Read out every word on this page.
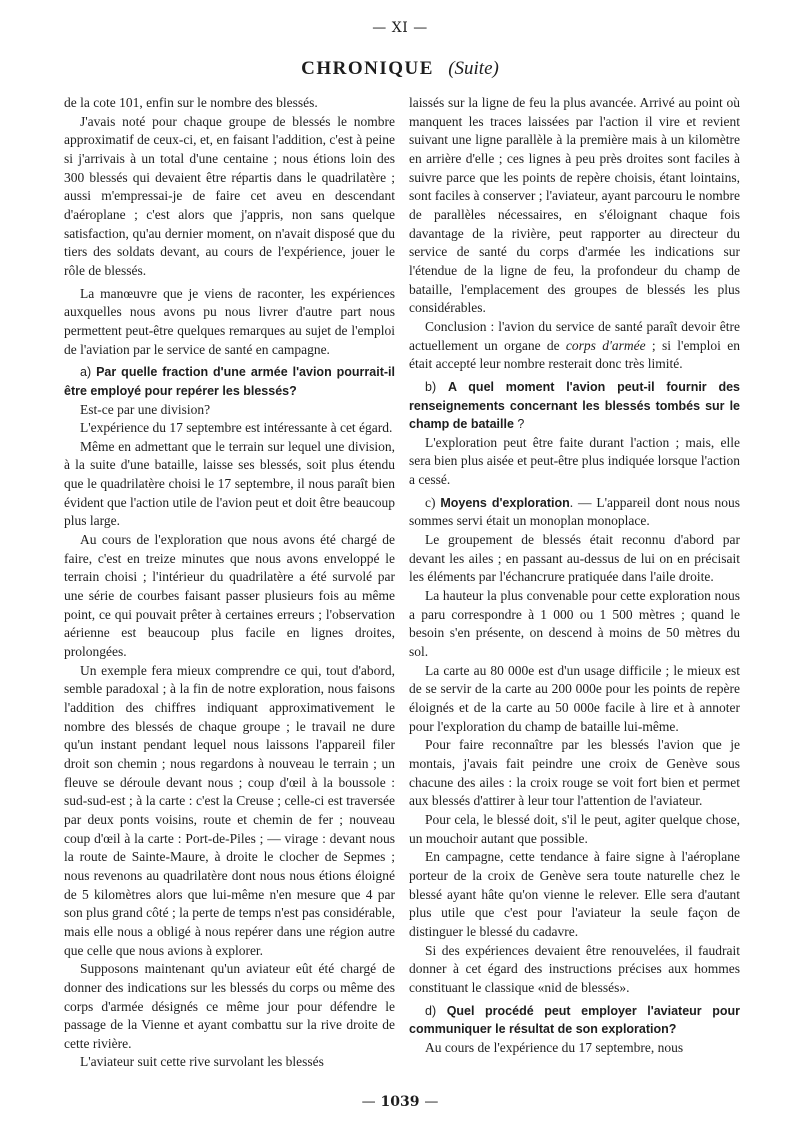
— XI —
CHRONIQUE (Suite)

de la cote 101, enfin sur le nombre des blessés.

J'avais noté pour chaque groupe de blessés le nombre approximatif de ceux-ci, et, en faisant l'addition, c'est à peine si j'arrivais à un total d'une centaine ; nous étions loin des 300 blessés qui devaient être répartis dans le quadrilatère ; aussi m'empressai-je de faire cet aveu en descendant d'aéroplane ; c'est alors que j'appris, non sans quelque satisfaction, qu'au dernier moment, on n'avait disposé que du tiers des soldats devant, au cours de l'expérience, jouer le rôle de blessés.

La manœuvre que je viens de raconter, les expériences auxquelles nous avons pu nous livrer d'autre part nous permettent peut-être quelques remarques au sujet de l'emploi de l'aviation par le service de santé en campagne.

a) Par quelle fraction d'une armée l'avion pourrait-il être employé pour repérer les blessés?

Est-ce par une division?

L'expérience du 17 septembre est intéressante à cet égard.

Même en admettant que le terrain sur lequel une division, à la suite d'une bataille, laisse ses blessés, soit plus étendu que le quadrilatère choisi le 17 septembre, il nous paraît bien évident que l'action utile de l'avion peut et doit être beaucoup plus large.

Au cours de l'exploration que nous avons été chargé de faire, c'est en treize minutes que nous avons enveloppé le terrain choisi ; l'intérieur du quadrilatère a été survolé par une série de courbes faisant passer plusieurs fois au même point, ce qui pouvait prêter à certaines erreurs ; l'observation aérienne est beaucoup plus facile en lignes droites, prolongées.

Un exemple fera mieux comprendre ce qui, tout d'abord, semble paradoxal ; à la fin de notre exploration, nous faisons l'addition des chiffres indiquant approximativement le nombre des blessés de chaque groupe ; le travail ne dure qu'un instant pendant lequel nous laissons l'appareil filer droit son chemin ; nous regardons à nouveau le terrain ; un fleuve se déroule devant nous ; coup d'œil à la boussole : sud-sud-est ; à la carte : c'est la Creuse ; celle-ci est traversée par deux ponts voisins, route et chemin de fer ; nouveau coup d'œil à la carte : Port-de-Piles ; — virage : devant nous la route de Sainte-Maure, à droite le clocher de Sepmes ; nous revenons au quadrilatère dont nous nous étions éloigné de 5 kilomètres alors que lui-même n'en mesure que 4 par son plus grand côté ; la perte de temps n'est pas considérable, mais elle nous a obligé à nous repérer dans une région autre que celle que nous avions à explorer.

Supposons maintenant qu'un aviateur eût été chargé de donner des indications sur les blessés du corps ou même des corps d'armée désignés ce même jour pour défendre le passage de la Vienne et ayant combattu sur la rive droite de cette rivière.

L'aviateur suit cette rive survolant les blessés

laissés sur la ligne de feu la plus avancée. Arrivé au point où manquent les traces laissées par l'action il vire et revient suivant une ligne parallèle à la première mais à un kilomètre en arrière d'elle ; ces lignes à peu près droites sont faciles à suivre parce que les points de repère choisis, étant lointains, sont faciles à conserver ; l'aviateur, ayant parcouru le nombre de parallèles nécessaires, en s'éloignant chaque fois davantage de la rivière, peut rapporter au directeur du service de santé du corps d'armée les indications sur l'étendue de la ligne de feu, la profondeur du champ de bataille, l'emplacement des groupes de blessés les plus considérables.

Conclusion : l'avion du service de santé paraît devoir être actuellement un organe de corps d'armée ; si l'emploi en était accepté leur nombre resterait donc très limité.

b) A quel moment l'avion peut-il fournir des renseignements concernant les blessés tombés sur le champ de bataille ?

L'exploration peut être faite durant l'action ; mais, elle sera bien plus aisée et peut-être plus indiquée lorsque l'action a cessé.

c) Moyens d'exploration. — L'appareil dont nous nous sommes servi était un monoplan monoplace.

Le groupement de blessés était reconnu d'abord par devant les ailes ; en passant au-dessus de lui on en précisait les éléments par l'échancrure pratiquée dans l'aile droite.

La hauteur la plus convenable pour cette exploration nous a paru correspondre à 1 000 ou 1 500 mètres ; quand le besoin s'en présente, on descend à moins de 50 mètres du sol.

La carte au 80 000e est d'un usage difficile ; le mieux est de se servir de la carte au 200 000e pour les points de repère éloignés et de la carte au 50 000e facile à lire et à annoter pour l'exploration du champ de bataille lui-même.

Pour faire reconnaître par les blessés l'avion que je montais, j'avais fait peindre une croix de Genève sous chacune des ailes : la croix rouge se voit fort bien et permet aux blessés d'attirer à leur tour l'attention de l'aviateur.

Pour cela, le blessé doit, s'il le peut, agiter quelque chose, un mouchoir autant que possible.

En campagne, cette tendance à faire signe à l'aéroplane porteur de la croix de Genève sera toute naturelle chez le blessé ayant hâte qu'on vienne le relever. Elle sera d'autant plus utile que c'est pour l'aviateur la seule façon de distinguer le blessé du cadavre.

Si des expériences devaient être renouvelées, il faudrait donner à cet égard des instructions précises aux hommes constituant le classique «nid de blessés».

d) Quel procédé peut employer l'aviateur pour communiquer le résultat de son exploration?

Au cours de l'expérience du 17 septembre, nous

— 1039 —
